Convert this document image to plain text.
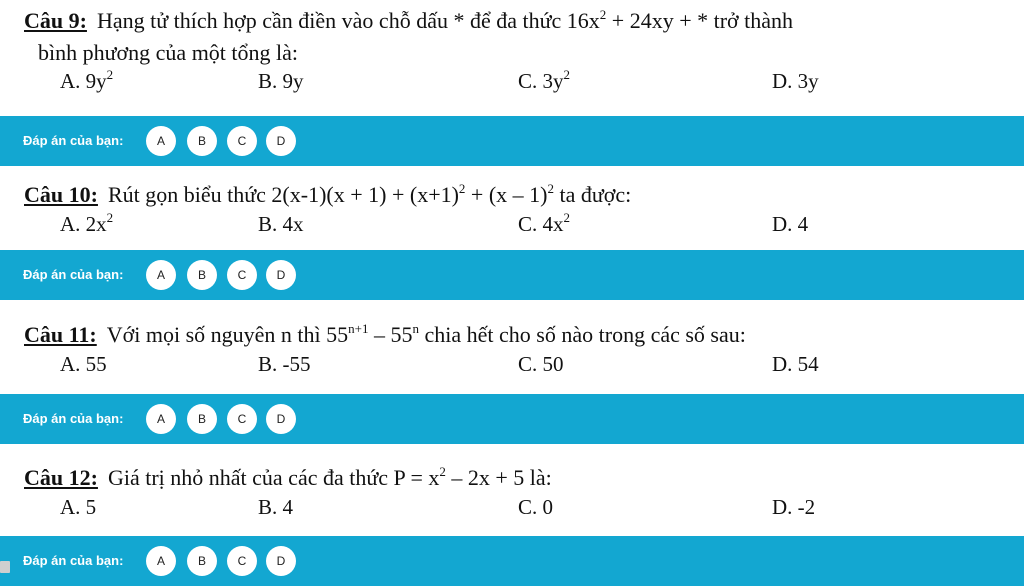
Câu 9: Hạng tử thích hợp cần điền vào chỗ dấu * để đa thức $16x^2 + 24xy$ + * trở thành
bình phương của một tổng là:
A. $9y^2$	B. 9y	C. $3y^2$	D. 3y
Đáp án của bạn:	A	B	C	D
Câu 10: Rút gọn biểu thức $2(x-1)(x + 1) + (x+1)^2 + (x - 1)^2$ ta được:
A. $2x^2$	B. 4x	C. $4x^2$	D. 4
Đáp án của bạn:	A	B	C	D
Câu 11: Với mọi số nguyên n thì $55^{n+1} - 55^n$ chia hết cho số nào trong các số sau:
A. 55	B. -55	C. 50	D. 54
Đáp án của bạn:	A	B	C	D
Câu 12: Giá trị nhỏ nhất của các đa thức $P = x^2 - 2x + 5$ là:
A. 5	B. 4	C. 0	D. -2
Đáp án của bạn:	A	B	C	D
